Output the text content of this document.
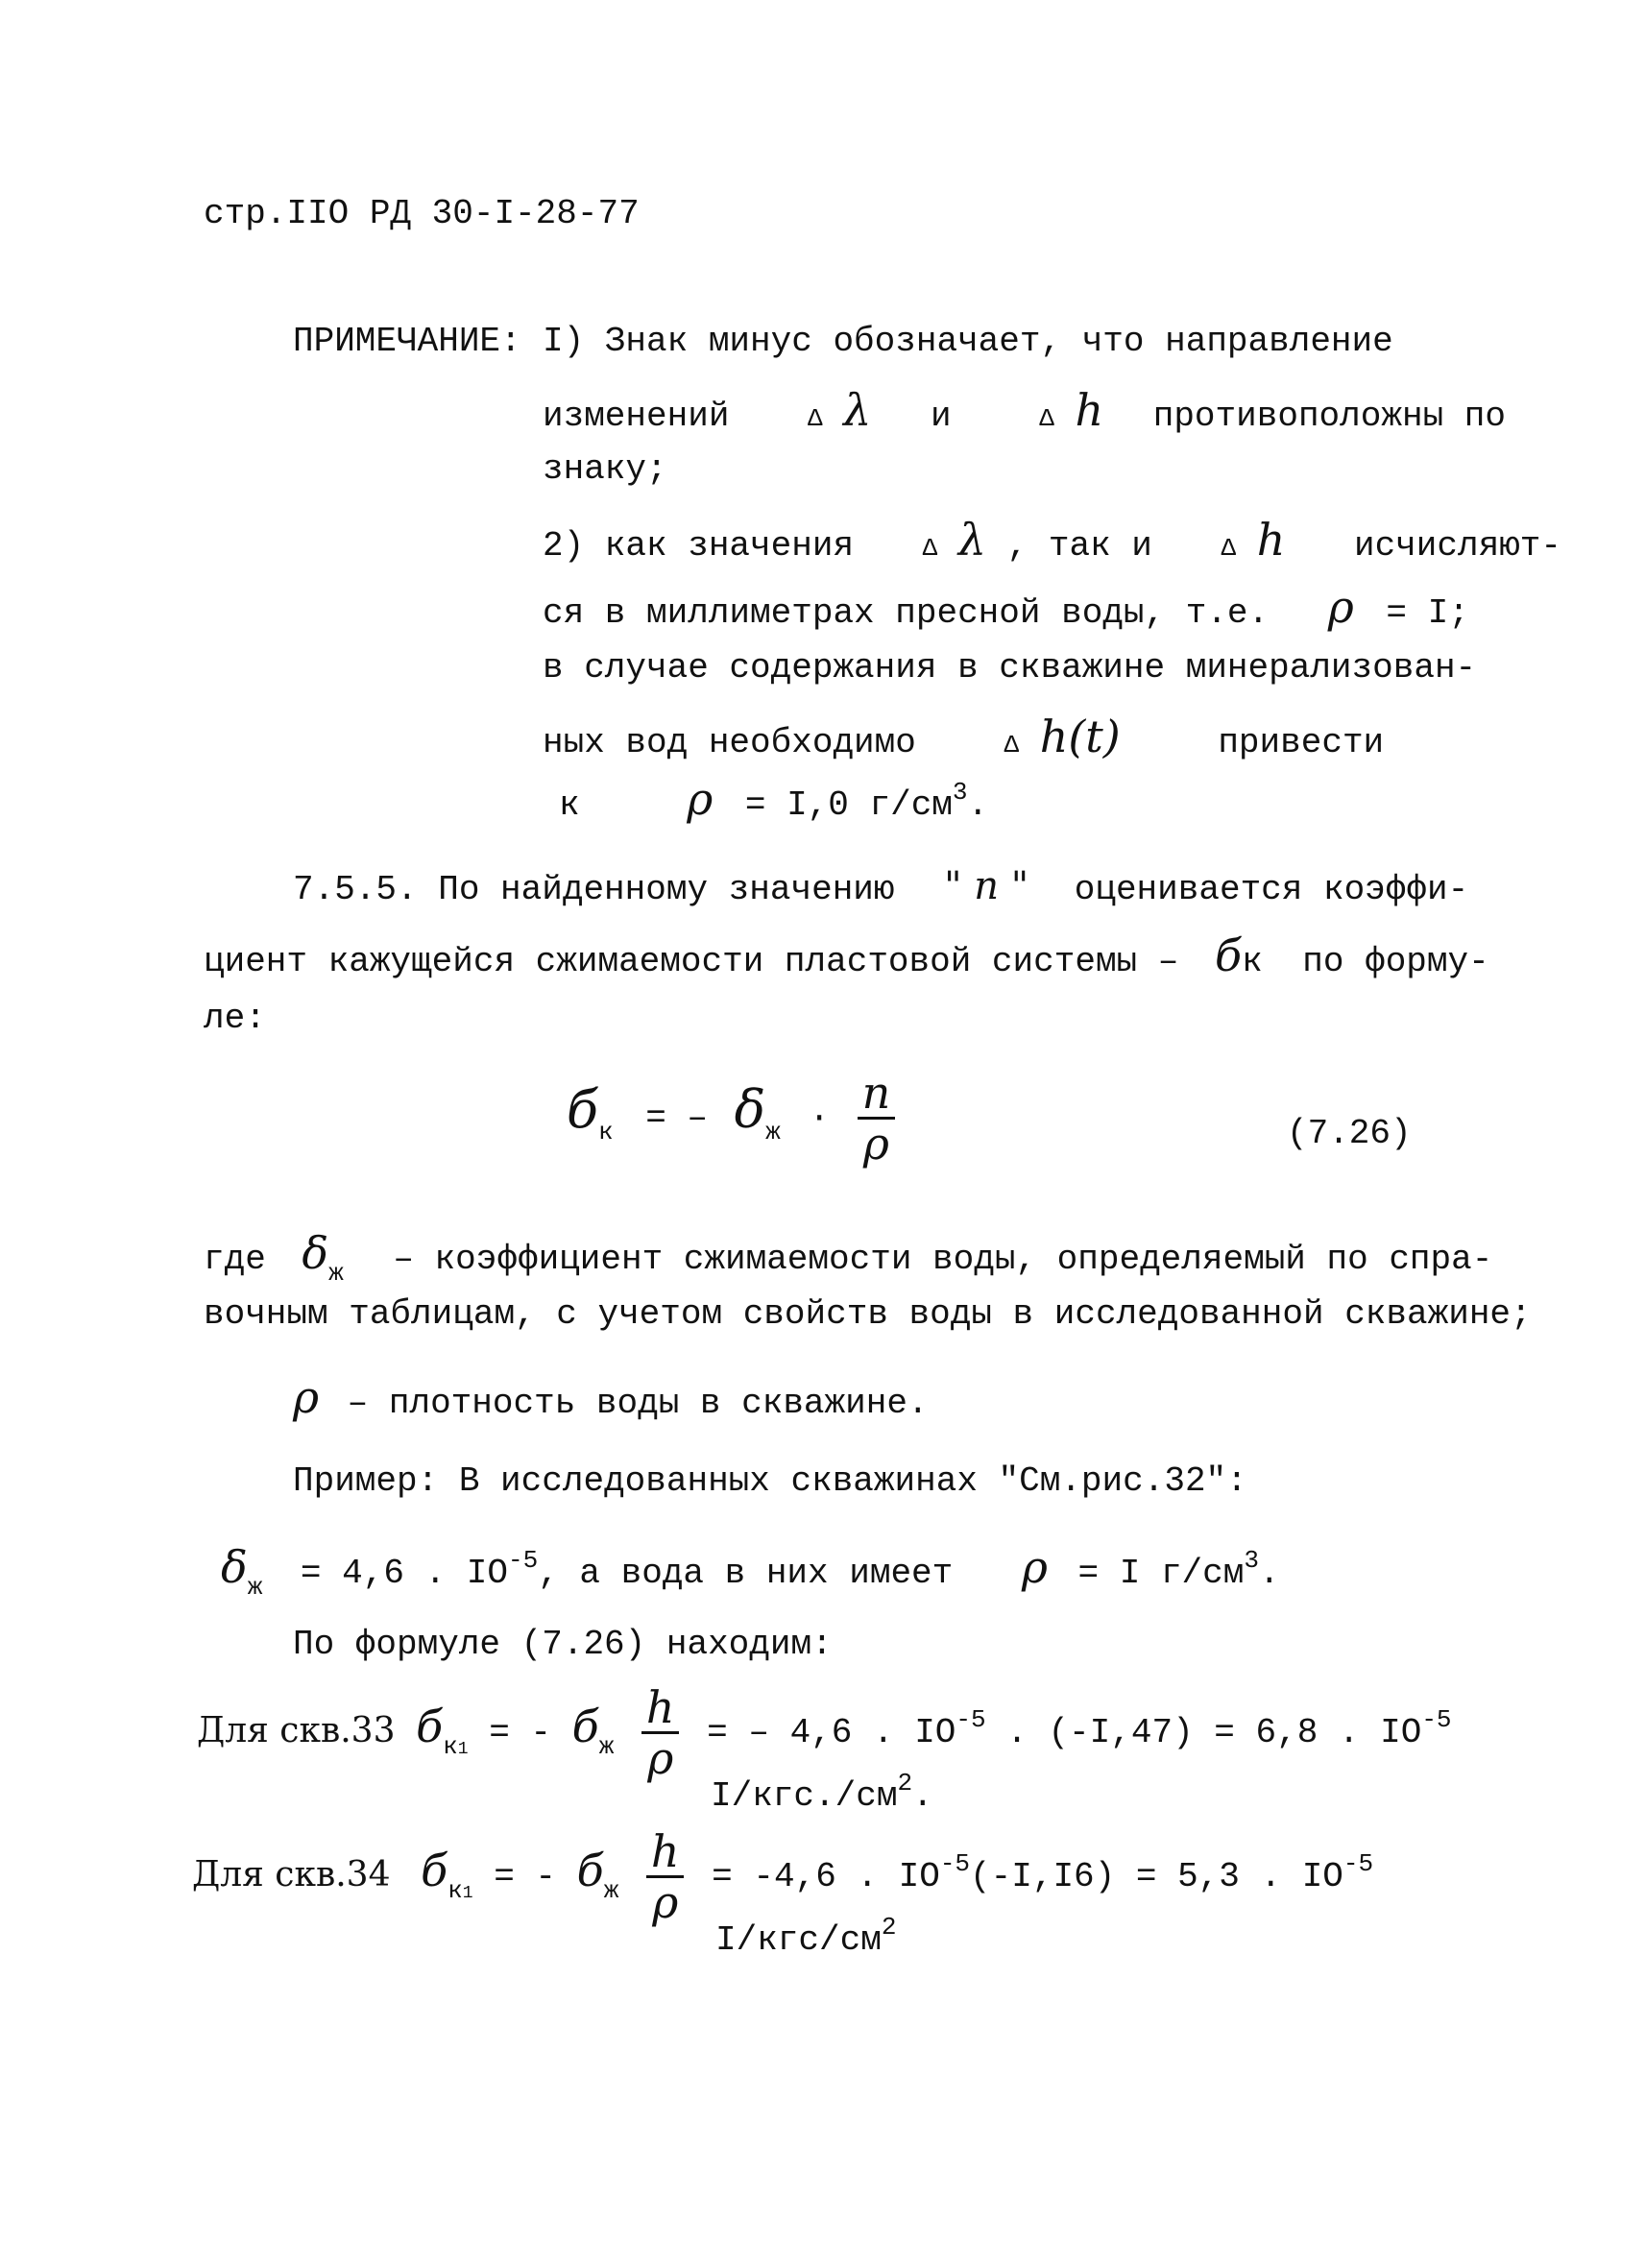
стр.IIO РД 30-I-28-77
ПРИМЕЧАНИЕ: I) Знак минус обозначает, что направление
изменений	Δ λ и	Δ h противоположны по
знаку;
2) как значения	Δ λ , так и	Δ h исчисляют-
ся в миллиметрах пресной воды, т.е. ρ = I;
в случае содержания в скважине минерализован-
ных вод необходимо	Δ h(t)	привести
к ρ = I,0 $г/см^3$.
7.5.5. По найденному значению " n " оценивается коэффи-
циент кажущейся сжимаемости пластовой системы – бк по форму-
ле:
$б_к$ = – $\delta_ж \cdot \frac{n}{\rho}$	(7.26)
где $\delta_ж$ – коэффициент сжимаемости воды, определяемый по спра-
вочным таблицам, с учетом свойств воды в исследованной скважине;
ρ – плотность воды в скважине.
Пример: В исследованных скважинах "См.рис.32":
$\delta_ж = 4,6$ . $IO^{-5}$, а вода в них имеет ρ = I $г/см^3$.
По формуле (7.26) находим:
Для скв.33 $б_{к1}$ = - $б_ж \frac{h}{\rho}$ = – 4,6 . $IO^{-5}$ . (-I,47) = 6,8 . $IO^{-5}$
$I/кгс./см^2$.
Для скв.34 $б_{к1}$ = - $б_ж \frac{h}{\rho} = -4,6$ . $IO^{-5}(-I,I6) = 5,3$ . $IO^{-5}$
$I/кгс/см^2$
